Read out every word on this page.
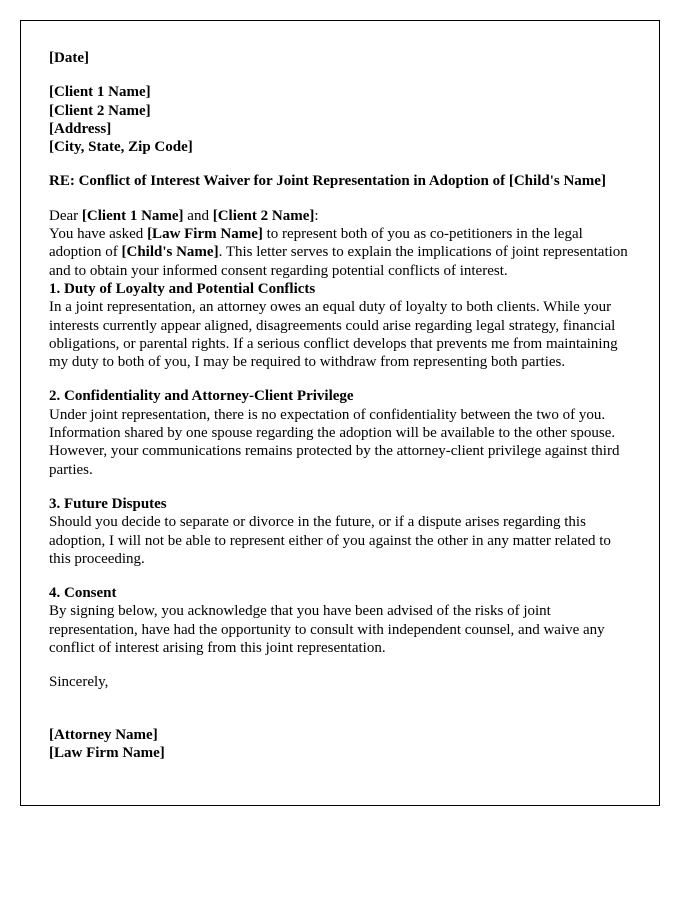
[Date]
[Client 1 Name]
[Client 2 Name]
[Address]
[City, State, Zip Code]
RE: Conflict of Interest Waiver for Joint Representation in Adoption of [Child's Name]
Dear [Client 1 Name] and [Client 2 Name]:
You have asked [Law Firm Name] to represent both of you as co-petitioners in the legal adoption of [Child's Name]. This letter serves to explain the implications of joint representation and to obtain your informed consent regarding potential conflicts of interest.
1. Duty of Loyalty and Potential Conflicts
In a joint representation, an attorney owes an equal duty of loyalty to both clients. While your interests currently appear aligned, disagreements could arise regarding legal strategy, financial obligations, or parental rights. If a serious conflict develops that prevents me from maintaining my duty to both of you, I may be required to withdraw from representing both parties.
2. Confidentiality and Attorney-Client Privilege
Under joint representation, there is no expectation of confidentiality between the two of you. Information shared by one spouse regarding the adoption will be available to the other spouse. However, your communications remains protected by the attorney-client privilege against third parties.
3. Future Disputes
Should you decide to separate or divorce in the future, or if a dispute arises regarding this adoption, I will not be able to represent either of you against the other in any matter related to this proceeding.
4. Consent
By signing below, you acknowledge that you have been advised of the risks of joint representation, have had the opportunity to consult with independent counsel, and waive any conflict of interest arising from this joint representation.
Sincerely,
[Attorney Name]
[Law Firm Name]
